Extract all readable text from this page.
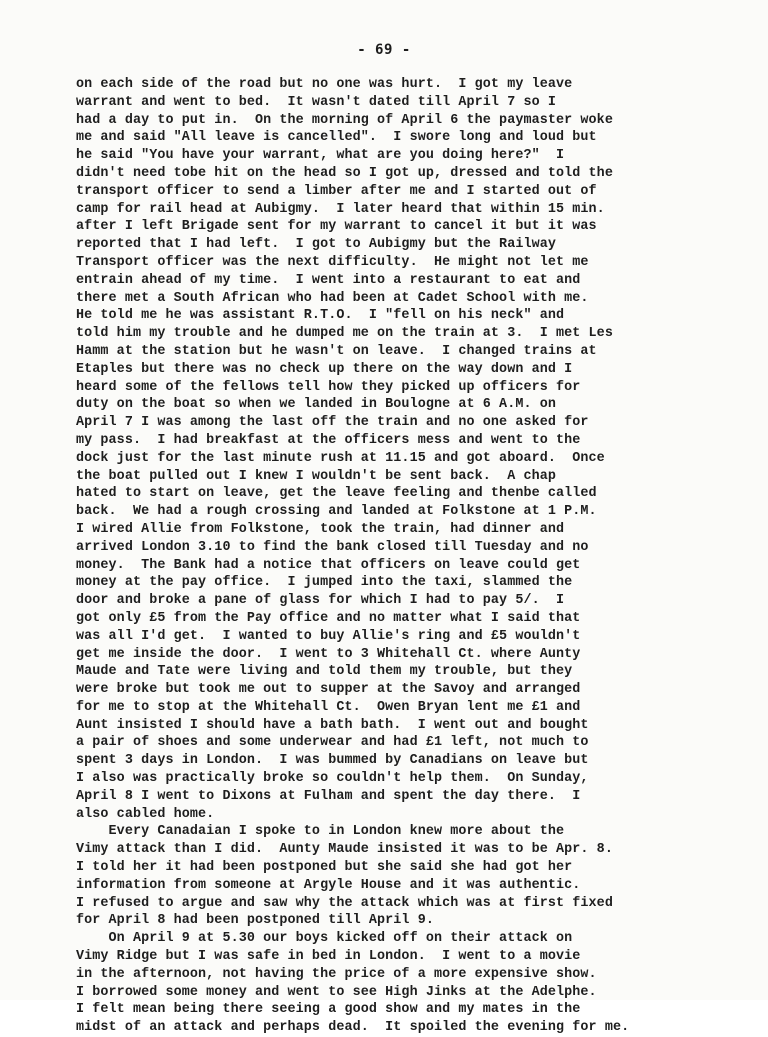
- 69 -
on each side of the road but no one was hurt.  I got my leave
warrant and went to bed.  It wasn't dated till April 7 so I
had a day to put in.  On the morning of April 6 the paymaster woke
me and said "All leave is cancelled".  I swore long and loud but
he said "You have your warrant, what are you doing here?"  I
didn't need tobe hit on the head so I got up, dressed and told the
transport officer to send a limber after me and I started out of
camp for rail head at Aubigmy.  I later heard that within 15 min.
after I left Brigade sent for my warrant to cancel it but it was
reported that I had left.  I got to Aubigmy but the Railway
Transport officer was the next difficulty.  He might not let me
entrain ahead of my time.  I went into a restaurant to eat and
there met a South African who had been at Cadet School with me.
He told me he was assistant R.T.O.  I "fell on his neck" and
told him my trouble and he dumped me on the train at 3.  I met Les
Hamm at the station but he wasn't on leave.  I changed trains at
Etaples but there was no check up there on the way down and I
heard some of the fellows tell how they picked up officers for
duty on the boat so when we landed in Boulogne at 6 A.M. on
April 7 I was among the last off the train and no one asked for
my pass.  I had breakfast at the officers mess and went to the
dock just for the last minute rush at 11.15 and got aboard.  Once
the boat pulled out I knew I wouldn't be sent back.  A chap
hated to start on leave, get the leave feeling and thenbe called
back.  We had a rough crossing and landed at Folkstone at 1 P.M.
I wired Allie from Folkstone, took the train, had dinner and
arrived London 3.10 to find the bank closed till Tuesday and no
money.  The Bank had a notice that officers on leave could get
money at the pay office.  I jumped into the taxi, slammed the
door and broke a pane of glass for which I had to pay 5/.  I
got only £5 from the Pay office and no matter what I said that
was all I'd get.  I wanted to buy Allie's ring and £5 wouldn't
get me inside the door.  I went to 3 Whitehall Ct. where Aunty
Maude and Tate were living and told them my trouble, but they
were broke but took me out to supper at the Savoy and arranged
for me to stop at the Whitehall Ct.  Owen Bryan lent me £1 and
Aunt insisted I should have a bath bath.  I went out and bought
a pair of shoes and some underwear and had £1 left, not much to
spent 3 days in London.  I was bummed by Canadians on leave but
I also was practically broke so couldn't help them.  On Sunday,
April 8 I went to Dixons at Fulham and spent the day there.  I
also cabled home.
Every Canadaian I spoke to in London knew more about the
Vimy attack than I did.  Aunty Maude insisted it was to be Apr. 8.
I told her it had been postponed but she said she had got her
information from someone at Argyle House and it was authentic.
I refused to argue and saw why the attack which was at first fixed
for April 8 had been postponed till April 9.
On April 9 at 5.30 our boys kicked off on their attack on
Vimy Ridge but I was safe in bed in London.  I went to a movie
in the afternoon, not having the price of a more expensive show.
I borrowed some money and went to see High Jinks at the Adelphe.
I felt mean being there seeing a good show and my mates in the
midst of an attack and perhaps dead.  It spoiled the evening for me.
